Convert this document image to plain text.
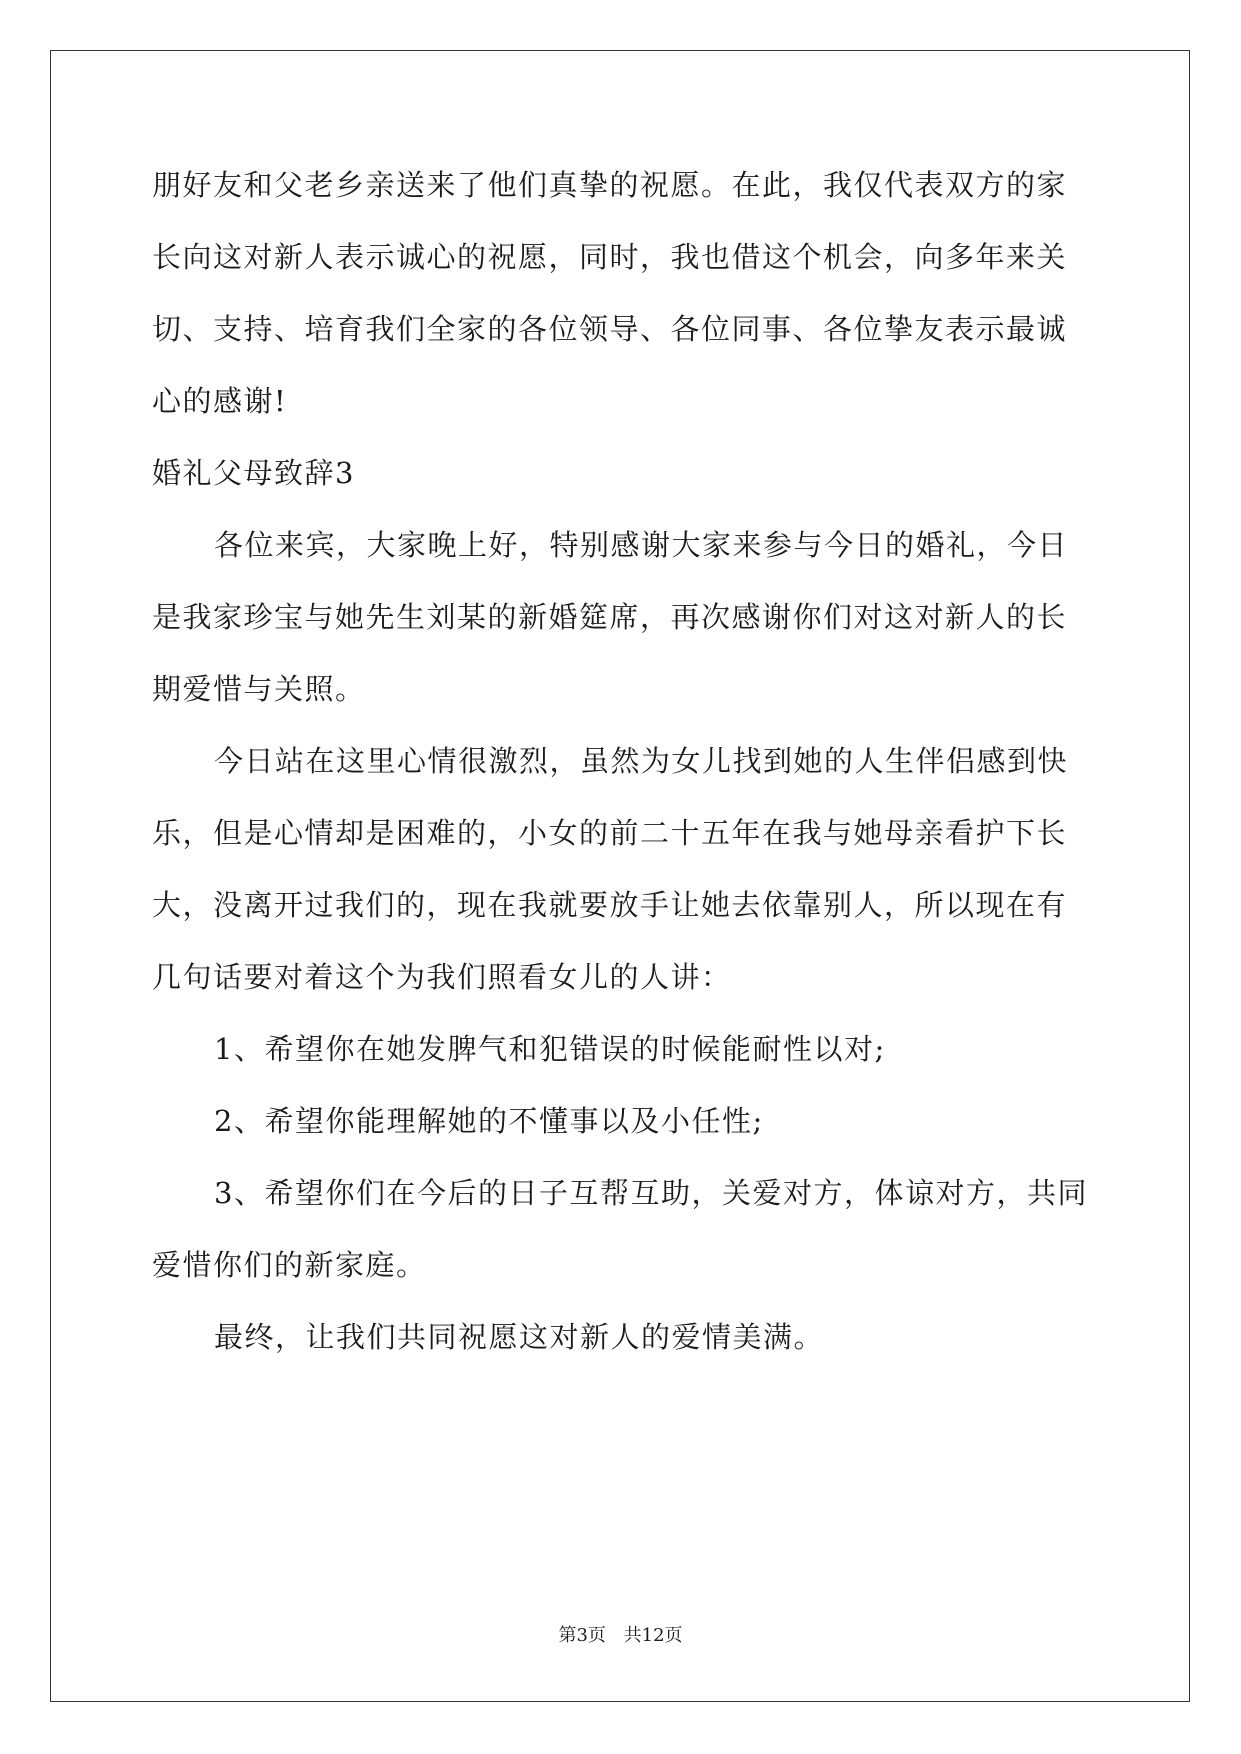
朋好友和父老乡亲送来了他们真挚的祝愿。在此，我仅代表双方的家
长向这对新人表示诚心的祝愿，同时，我也借这个机会，向多年来关
切、支持、培育我们全家的各位领导、各位同事、各位挚友表示最诚
心的感谢!
婚礼父母致辞3
各位来宾，大家晚上好，特别感谢大家来参与今日的婚礼，今日
是我家珍宝与她先生刘某的新婚筵席，再次感谢你们对这对新人的长
期爱惜与关照。
今日站在这里心情很激烈，虽然为女儿找到她的人生伴侣感到快
乐，但是心情却是困难的，小女的前二十五年在我与她母亲看护下长
大，没离开过我们的，现在我就要放手让她去依靠别人，所以现在有
几句话要对着这个为我们照看女儿的人讲：
1、希望你在她发脾气和犯错误的时候能耐性以对;
2、希望你能理解她的不懂事以及小任性;
3、希望你们在今后的日子互帮互助，关爱对方，体谅对方，共同
爱惜你们的新家庭。
最终，让我们共同祝愿这对新人的爱情美满。
第3页 共12页
